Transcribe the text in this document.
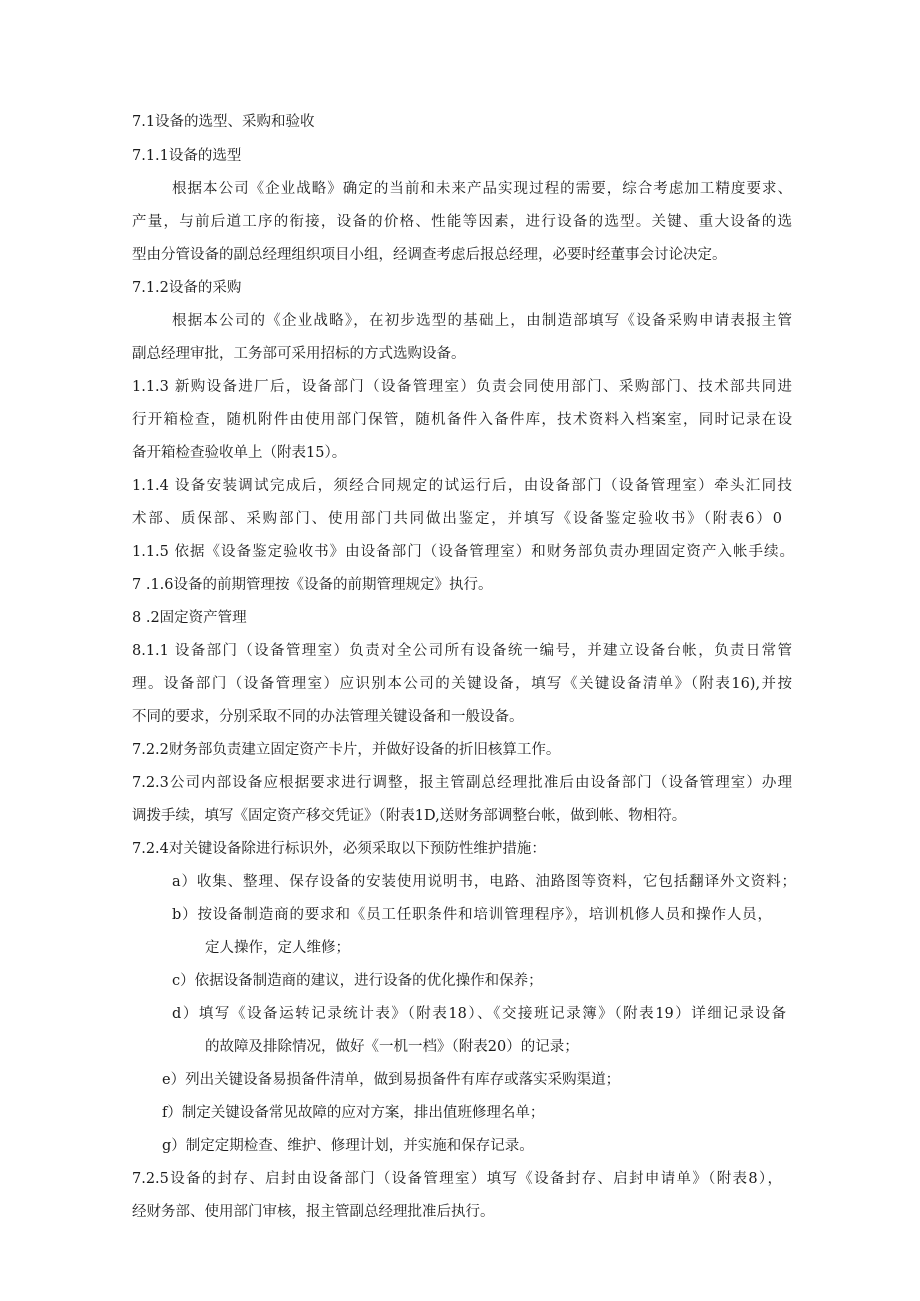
7.1设备的选型、采购和验收
7.1.1设备的选型
根据本公司《企业战略》确定的当前和未来产品实现过程的需要，综合考虑加工精度要求、
产量，与前后道工序的衔接，设备的价格、性能等因素，进行设备的选型。关键、重大设备的选
型由分管设备的副总经理组织项目小组，经调查考虑后报总经理，必要时经董事会讨论决定。
7.1.2设备的采购
根据本公司的《企业战略》，在初步选型的基础上，由制造部填写《设备采购申请表报主管
副总经理审批，工务部可采用招标的方式选购设备。
1.1.3 新购设备进厂后，设备部门（设备管理室）负责会同使用部门、采购部门、技术部共同进
行开箱检查，随机附件由使用部门保管，随机备件入备件库，技术资料入档案室，同时记录在设
备开箱检查验收单上（附表15）。
1.1.4 设备安装调试完成后，须经合同规定的试运行后，由设备部门（设备管理室）牵头汇同技
术部、质保部、采购部门、使用部门共同做出鉴定，并填写《设备鉴定验收书》（附表6）0
1.1.5 依据《设备鉴定验收书》由设备部门（设备管理室）和财务部负责办理固定资产入帐手续。
7 .1.6设备的前期管理按《设备的前期管理规定》执行。
8 .2固定资产管理
8.1.1 设备部门（设备管理室）负责对全公司所有设备统一编号，并建立设备台帐，负责日常管
理。设备部门（设备管理室）应识别本公司的关键设备，填写《关键设备清单》（附表16),并按
不同的要求，分别采取不同的办法管理关键设备和一般设备。
7.2.2财务部负责建立固定资产卡片，并做好设备的折旧核算工作。
7.2.3公司内部设备应根据要求进行调整，报主管副总经理批准后由设备部门（设备管理室）办理
调拨手续，填写《固定资产移交凭证》（附表1D,送财务部调整台帐，做到帐、物相符。
7.2.4对关键设备除进行标识外，必须采取以下预防性维护措施：
a）收集、整理、保存设备的安装使用说明书，电路、油路图等资料，它包括翻译外文资料；
b）按设备制造商的要求和《员工任职条件和培训管理程序》，培训机修人员和操作人员，
定人操作，定人维修；
c）依据设备制造商的建议，进行设备的优化操作和保养；
d）填写《设备运转记录统计表》（附表18）、《交接班记录簿》（附表19）详细记录设备
的故障及排除情况，做好《一机一档》（附表20）的记录；
e）列出关键设备易损备件清单，做到易损备件有库存或落实采购渠道；
f）制定关键设备常见故障的应对方案，排出值班修理名单；
g）制定定期检查、维护、修理计划，并实施和保存记录。
7.2.5设备的封存、启封由设备部门（设备管理室）填写《设备封存、启封申请单》（附表8），
经财务部、使用部门审核，报主管副总经理批准后执行。
